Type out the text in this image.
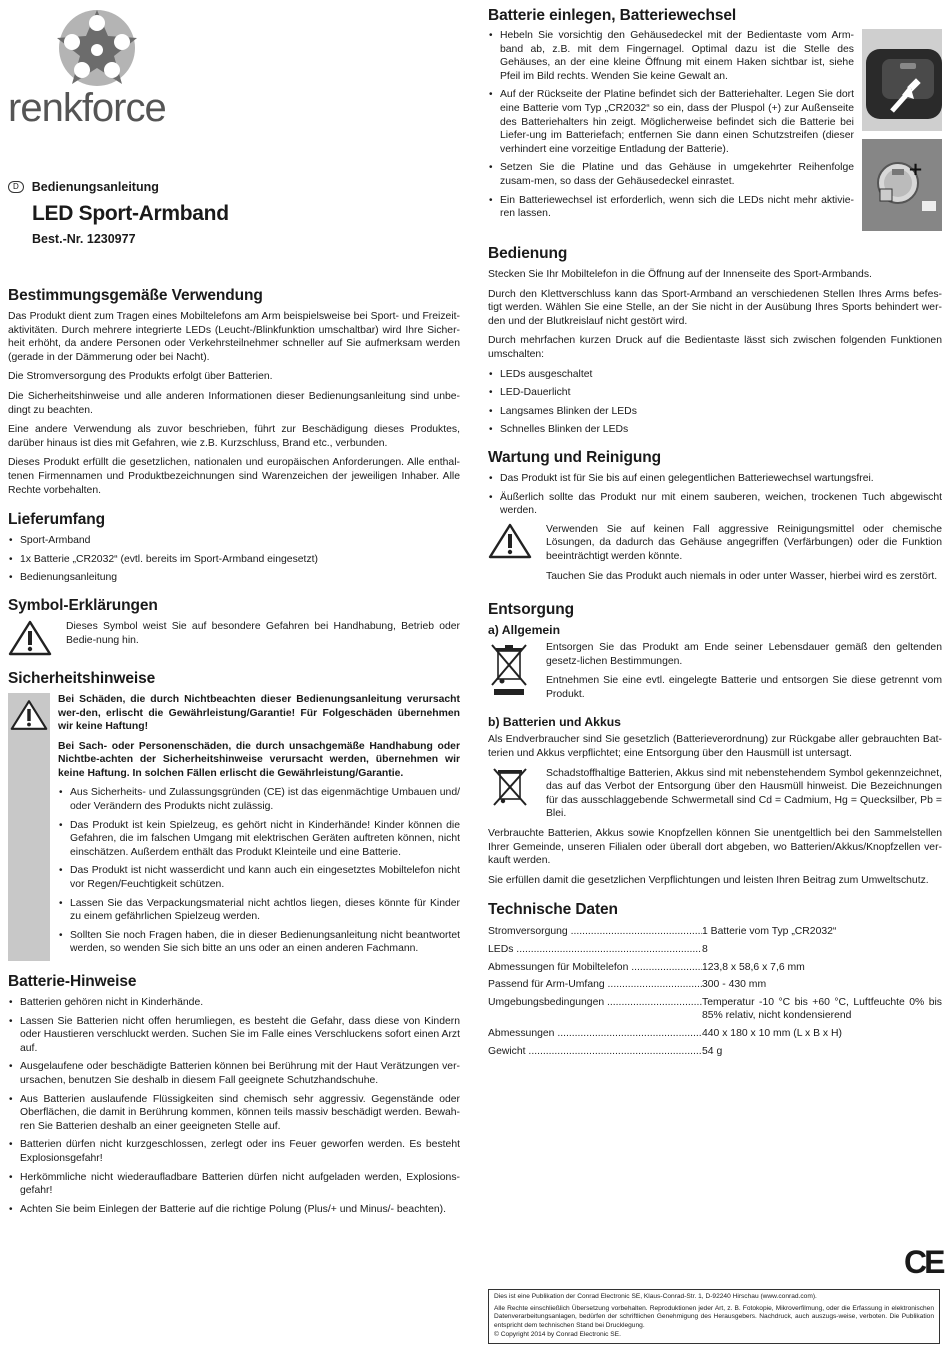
renkforce
D	Bedienungsanleitung
LED Sport-Armband
Best.-Nr. 1230977
Bestimmungsgemäße Verwendung

Das Produkt dient zum Tragen eines Mobiltelefons am Arm beispielsweise bei Sport- und Freizeit-aktivitäten. Durch mehrere integrierte LEDs (Leucht-/Blinkfunktion umschaltbar) wird Ihre Sicher-heit erhöht, da andere Personen oder Verkehrsteilnehmer schneller auf Sie aufmerksam werden (gerade in der Dämmerung oder bei Nacht).

Die Stromversorgung des Produkts erfolgt über Batterien.

Die Sicherheitshinweise und alle anderen Informationen dieser Bedienungsanleitung sind unbe-dingt zu beachten.

Eine andere Verwendung als zuvor beschrieben, führt zur Beschädigung dieses Produktes, darüber hinaus ist dies mit Gefahren, wie z.B. Kurzschluss, Brand etc., verbunden.

Dieses Produkt erfüllt die gesetzlichen, nationalen und europäischen Anforderungen. Alle enthal-tenen Firmennamen und Produktbezeichnungen sind Warenzeichen der jeweiligen Inhaber. Alle Rechte vorbehalten.

Lieferumfang
• Sport-Armband
• 1x Batterie „CR2032“ (evtl. bereits im Sport-Armband eingesetzt)
• Bedienungsanleitung
Symbol-Erklärungen

Dieses Symbol weist Sie auf besondere Gefahren bei Handhabung, Betrieb oder Bedie-nung hin.

Sicherheitshinweise

Bei Schäden, die durch Nichtbeachten dieser Bedienungsanleitung verursacht wer-den, erlischt die Gewährleistung/Garantie! Für Folgeschäden übernehmen wir keine Haftung!

Bei Sach- oder Personenschäden, die durch unsachgemäße Handhabung oder Nichtbe-achten der Sicherheitshinweise verursacht werden, übernehmen wir keine Haftung. In solchen Fällen erlischt die Gewährleistung/Garantie.

• Aus Sicherheits- und Zulassungsgründen (CE) ist das eigenmächtige Umbauen und/ oder Verändern des Produkts nicht zulässig.
• Das Produkt ist kein Spielzeug, es gehört nicht in Kinderhände! Kinder können die Gefahren, die im falschen Umgang mit elektrischen Geräten auftreten können, nicht einschätzen. Außerdem enthält das Produkt Kleinteile und eine Batterie.
• Das Produkt ist nicht wasserdicht und kann auch ein eingesetztes Mobiltelefon nicht vor Regen/Feuchtigkeit schützen.
• Lassen Sie das Verpackungsmaterial nicht achtlos liegen, dieses könnte für Kinder zu einem gefährlichen Spielzeug werden.
• Sollten Sie noch Fragen haben, die in dieser Bedienungsanleitung nicht beantwortet werden, so wenden Sie sich bitte an uns oder an einen anderen Fachmann.
Batterie-Hinweise
• Batterien gehören nicht in Kinderhände.
• Lassen Sie Batterien nicht offen herumliegen, es besteht die Gefahr, dass diese von Kindern oder Haustieren verschluckt werden. Suchen Sie im Falle eines Verschluckens sofort einen Arzt auf.
• Ausgelaufene oder beschädigte Batterien können bei Berührung mit der Haut Verätzungen ver-ursachen, benutzen Sie deshalb in diesem Fall geeignete Schutzhandschuhe.
• Aus Batterien auslaufende Flüssigkeiten sind chemisch sehr aggressiv. Gegenstände oder Oberflächen, die damit in Berührung kommen, können teils massiv beschädigt werden. Bewah-ren Sie Batterien deshalb an einer geeigneten Stelle auf.
• Batterien dürfen nicht kurzgeschlossen, zerlegt oder ins Feuer geworfen werden. Es besteht Explosionsgefahr!
• Herkömmliche nicht wiederaufladbare Batterien dürfen nicht aufgeladen werden, Explosions-gefahr!
• Achten Sie beim Einlegen der Batterie auf die richtige Polung (Plus/+ und Minus/- beachten).
Batterie einlegen, Batteriewechsel
• Hebeln Sie vorsichtig den Gehäusedeckel mit der Bedientaste vom Arm-band ab, z.B. mit dem Fingernagel. Optimal dazu ist die Stelle des Gehäuses, an der eine kleine Öffnung mit einem Haken sichtbar ist, siehe Pfeil im Bild rechts. Wenden Sie keine Gewalt an.
• Auf der Rückseite der Platine befindet sich der Batteriehalter. Legen Sie dort eine Batterie vom Typ „CR2032“ so ein, dass der Pluspol (+) zur Außenseite des Batteriehalters hin zeigt. Möglicherweise befindet sich die Batterie bei Liefer-ung im Batteriefach; entfernen Sie dann einen Schutzstreifen (dieser verhindert eine vorzeitige Entladung der Batterie).
• Setzen Sie die Platine und das Gehäuse in umgekehrter Reihenfolge zusam-men, so dass der Gehäusedeckel einrastet.
• Ein Batteriewechsel ist erforderlich, wenn sich die LEDs nicht mehr aktivie-ren lassen.
+
Bedienung

Stecken Sie Ihr Mobiltelefon in die Öffnung auf der Innenseite des Sport-Armbands.

Durch den Klettverschluss kann das Sport-Armband an verschiedenen Stellen Ihres Arms befes-tigt werden. Wählen Sie eine Stelle, an der Sie nicht in der Ausübung Ihres Sports behindert wer-den und der Blutkreislauf nicht gestört wird.

Durch mehrfachen kurzen Druck auf die Bedientaste lässt sich zwischen folgenden Funktionen umschalten:

• LEDs ausgeschaltet
• LED-Dauerlicht
• Langsames Blinken der LEDs
• Schnelles Blinken der LEDs
Wartung und Reinigung
• Das Produkt ist für Sie bis auf einen gelegentlichen Batteriewechsel wartungsfrei.
• Äußerlich sollte das Produkt nur mit einem sauberen, weichen, trockenen Tuch abgewischt werden.

Verwenden Sie auf keinen Fall aggressive Reinigungsmittel oder chemische Lösungen, da dadurch das Gehäuse angegriffen (Verfärbungen) oder die Funktion beeinträchtigt werden könnte.

Tauchen Sie das Produkt auch niemals in oder unter Wasser, hierbei wird es zerstört.

Entsorgung
a) Allgemein

Entsorgen Sie das Produkt am Ende seiner Lebensdauer gemäß den geltenden gesetz-lichen Bestimmungen.

Entnehmen Sie eine evtl. eingelegte Batterie und entsorgen Sie diese getrennt vom Produkt.

b) Batterien und Akkus

Als Endverbraucher sind Sie gesetzlich (Batterieverordnung) zur Rückgabe aller gebrauchten Bat-terien und Akkus verpflichtet; eine Entsorgung über den Hausmüll ist untersagt.

Schadstoffhaltige Batterien, Akkus sind mit nebenstehendem Symbol gekennzeichnet, das auf das Verbot der Entsorgung über den Hausmüll hinweist. Die Bezeichnungen für das ausschlaggebende Schwermetall sind Cd = Cadmium, Hg = Quecksilber, Pb = Blei.

Verbrauchte Batterien, Akkus sowie Knopfzellen können Sie unentgeltlich bei den Sammelstellen Ihrer Gemeinde, unseren Filialen oder überall dort abgeben, wo Batterien/Akkus/Knopfzellen ver-kauft werden.

Sie erfüllen damit die gesetzlichen Verpflichtungen und leisten Ihren Beitrag zum Umweltschutz.

Technische Daten
Stromversorgung .....	1 Batterie vom Typ „CR2032“
LEDs .....	8
Abmessungen für Mobiltelefon .....	123,8 x 58,6 x 7,6 mm
Passend für Arm-Umfang .....	300 - 430 mm
Umgebungsbedingungen .....	Temperatur -10 °C bis +60 °C, Luftfeuchte 0% bis 85% relativ, nicht kondensierend
Abmessungen .....	440 x 180 x 10 mm (L x B x H)
Gewicht .....	54 g
CE
Dies ist eine Publikation der Conrad Electronic SE, Klaus-Conrad-Str. 1, D-92240 Hirschau (www.conrad.com).
Alle Rechte einschließlich Übersetzung vorbehalten. Reproduktionen jeder Art, z. B. Fotokopie, Mikroverfilmung, oder die Erfassung in elektronischen Datenverarbeitungsanlagen, bedürfen der schriftlichen Genehmigung des Herausgebers. Nachdruck, auch auszugs-weise, verboten. Die Publikation entspricht dem technischen Stand bei Drucklegung.
© Copyright 2014 by Conrad Electronic SE.
